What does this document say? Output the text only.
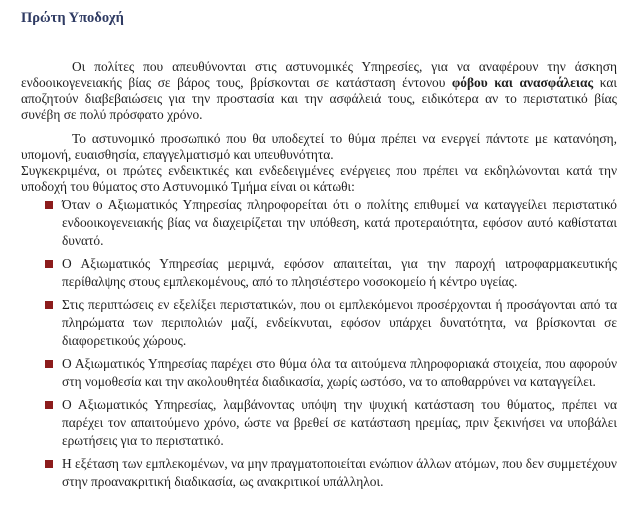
Πρώτη Υποδοχή

Οι πολίτες που απευθύνονται στις αστυνομικές Υπηρεσίες, για να αναφέρουν την άσκηση ενδοοικογενειακής βίας σε βάρος τους, βρίσκονται σε κατάσταση έντονου φόβου και ανασφάλειας και αποζητούν διαβεβαιώσεις για την προστασία και την ασφάλειά τους, ειδικότερα αν το περιστατικό βίας συνέβη σε πολύ πρόσφατο χρόνο.

Το αστυνομικό προσωπικό που θα υποδεχτεί το θύμα πρέπει να ενεργεί πάντοτε με κατανόηση, υπομονή, ευαισθησία, επαγγελματισμό και υπευθυνότητα.

Συγκεκριμένα, οι πρώτες ενδεικτικές και ενδεδειγμένες ενέργειες που πρέπει να εκδηλώνονται κατά την υποδοχή του θύματος στο Αστυνομικό Τμήμα είναι οι κάτωθι:

Όταν ο Αξιωματικός Υπηρεσίας πληροφορείται ότι ο πολίτης επιθυμεί να καταγγείλει περιστατικό ενδοοικογενειακής βίας να διαχειρίζεται την υπόθεση, κατά προτεραιότητα, εφόσον αυτό καθίσταται δυνατό.
Ο Αξιωματικός Υπηρεσίας μεριμνά, εφόσον απαιτείται, για την παροχή ιατροφαρμακευτικής περίθαλψης στους εμπλεκομένους, από το πλησιέστερο νοσοκομείο ή κέντρο υγείας.
Στις περιπτώσεις εν εξελίξει περιστατικών, που οι εμπλεκόμενοι προσέρχονται ή προσάγονται από τα πληρώματα των περιπολιών μαζί, ενδείκνυται, εφόσον υπάρχει δυνατότητα, να βρίσκονται σε διαφορετικούς χώρους.
Ο Αξιωματικός Υπηρεσίας παρέχει στο θύμα όλα τα αιτούμενα πληροφοριακά στοιχεία, που αφορούν στη νομοθεσία και την ακολουθητέα διαδικασία, χωρίς ωστόσο, να το αποθαρρύνει να καταγγείλει.
Ο Αξιωματικός Υπηρεσίας, λαμβάνοντας υπόψη την ψυχική κατάσταση του θύματος, πρέπει να παρέχει τον απαιτούμενο χρόνο, ώστε να βρεθεί σε κατάσταση ηρεμίας, πριν ξεκινήσει να υποβάλει ερωτήσεις για το περιστατικό.
Η εξέταση των εμπλεκομένων, να μην πραγματοποιείται ενώπιον άλλων ατόμων, που δεν συμμετέχουν στην προανακριτική διαδικασία, ως ανακριτικοί υπάλληλοι.
